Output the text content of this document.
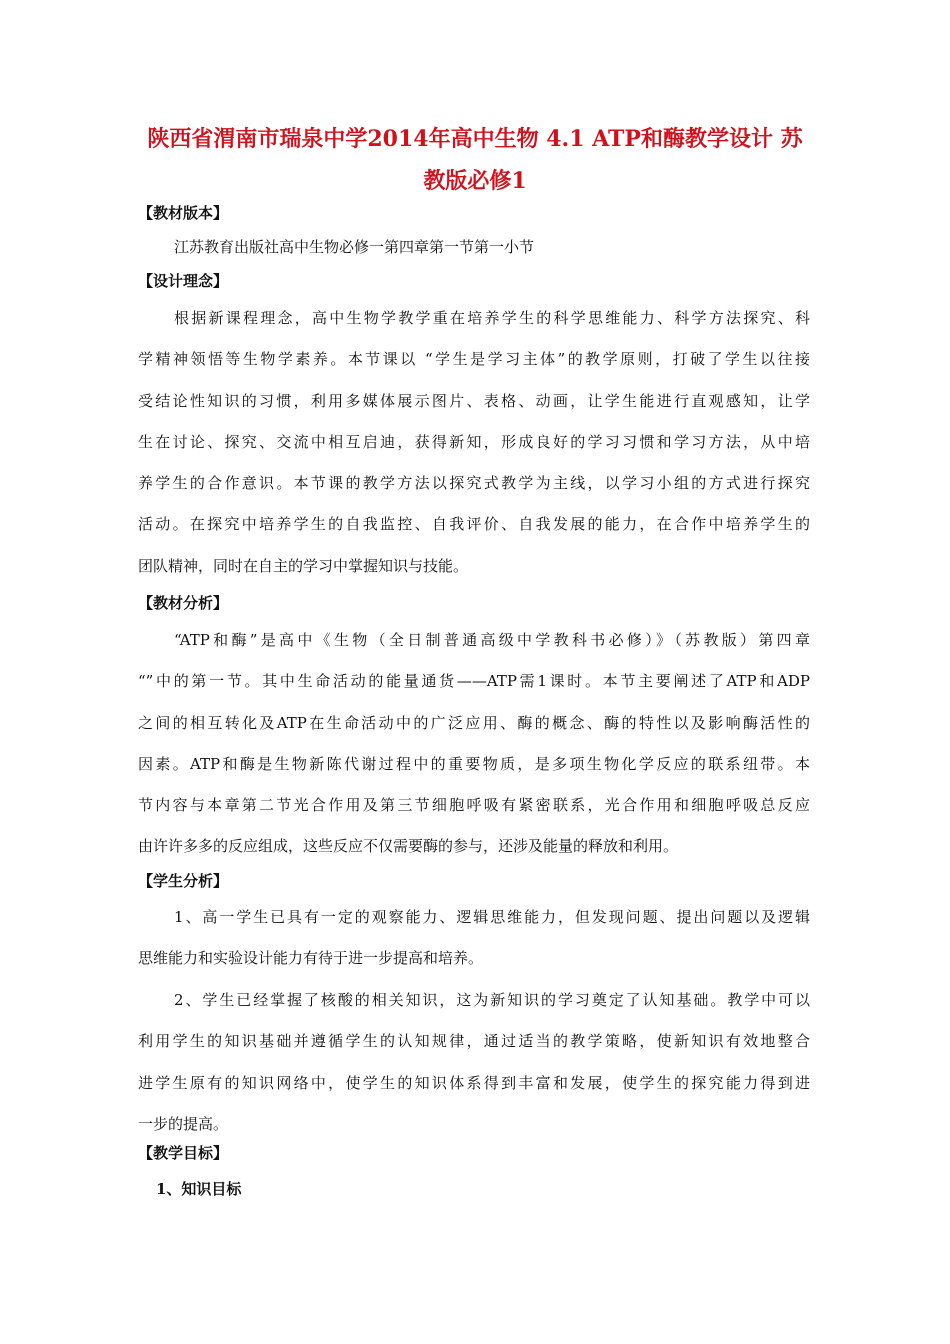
陕西省渭南市瑞泉中学2014年高中生物 4.1 ATP和酶教学设计 苏
教版必修1

【教材版本】

江苏教育出版社高中生物必修一第四章第一节第一小节

【设计理念】

根据新课程理念，高中生物学教学重在培养学生的科学思维能力、科学方法探究、科
学精神领悟等生物学素养。本节课以 “学生是学习主体”的教学原则，打破了学生以往接
受结论性知识的习惯，利用多媒体展示图片、表格、动画，让学生能进行直观感知，让学
生在讨论、探究、交流中相互启迪，获得新知，形成良好的学习习惯和学习方法，从中培
养学生的合作意识。本节课的教学方法以探究式教学为主线，以学习小组的方式进行探究
活动。在探究中培养学生的自我监控、自我评价、自我发展的能力，在合作中培养学生的
团队精神，同时在自主的学习中掌握知识与技能。

【教材分析】

“ATP和酶”是高中《生物（全日制普通高级中学教科书必修）》（苏教版）第四章
“”中的第一节。其中生命活动的能量通货——ATP需1课时。本节主要阐述了ATP和ADP
之间的相互转化及ATP在生命活动中的广泛应用、酶的概念、酶的特性以及影响酶活性的
因素。ATP和酶是生物新陈代谢过程中的重要物质，是多项生物化学反应的联系纽带。本
节内容与本章第二节光合作用及第三节细胞呼吸有紧密联系，光合作用和细胞呼吸总反应
由许许多多的反应组成，这些反应不仅需要酶的参与，还涉及能量的释放和利用。

【学生分析】

1、高一学生已具有一定的观察能力、逻辑思维能力，但发现问题、提出问题以及逻辑
思维能力和实验设计能力有待于进一步提高和培养。
2、学生已经掌握了核酸的相关知识，这为新知识的学习奠定了认知基础。教学中可以
利用学生的知识基础并遵循学生的认知规律，通过适当的教学策略，使新知识有效地整合
进学生原有的知识网络中，使学生的知识体系得到丰富和发展，使学生的探究能力得到进
一步的提高。

【教学目标】

1、知识目标
